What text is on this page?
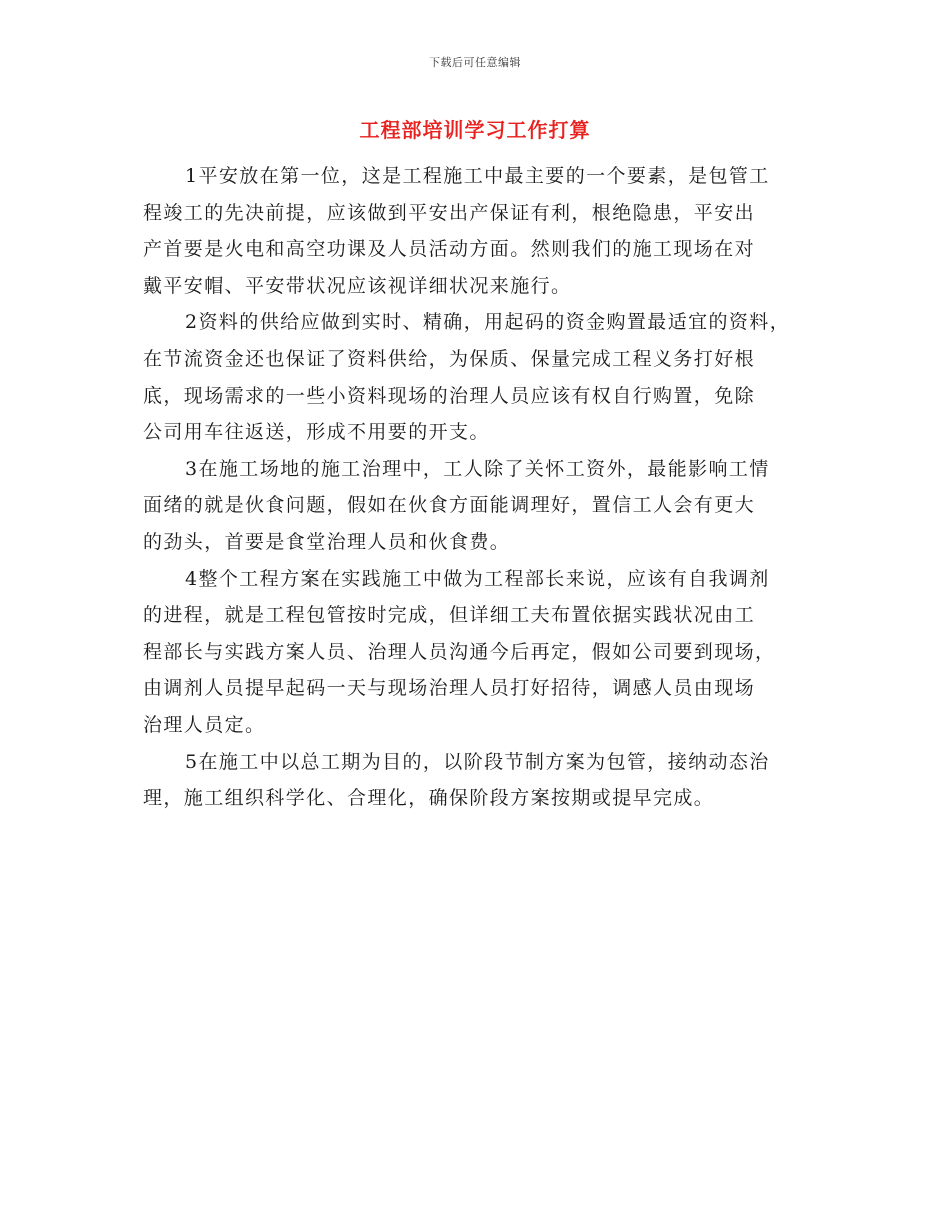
下载后可任意编辑
工程部培训学习工作打算
1平安放在第一位，这是工程施工中最主要的一个要素，是包管工
程竣工的先决前提，应该做到平安出产保证有利，根绝隐患，平安出
产首要是火电和高空功课及人员活动方面。然则我们的施工现场在对
戴平安帽、平安带状况应该视详细状况来施行。
2资料的供给应做到实时、精确，用起码的资金购置最适宜的资料，
在节流资金还也保证了资料供给，为保质、保量完成工程义务打好根
底，现场需求的一些小资料现场的治理人员应该有权自行购置，免除
公司用车往返送，形成不用要的开支。
3在施工场地的施工治理中，工人除了关怀工资外，最能影响工情
面绪的就是伙食问题，假如在伙食方面能调理好，置信工人会有更大
的劲头，首要是食堂治理人员和伙食费。
4整个工程方案在实践施工中做为工程部长来说，应该有自我调剂
的进程，就是工程包管按时完成，但详细工夫布置依据实践状况由工
程部长与实践方案人员、治理人员沟通今后再定，假如公司要到现场，
由调剂人员提早起码一天与现场治理人员打好招待，调感人员由现场
治理人员定。
5在施工中以总工期为目的，以阶段节制方案为包管，接纳动态治
理，施工组织科学化、合理化，确保阶段方案按期或提早完成。
